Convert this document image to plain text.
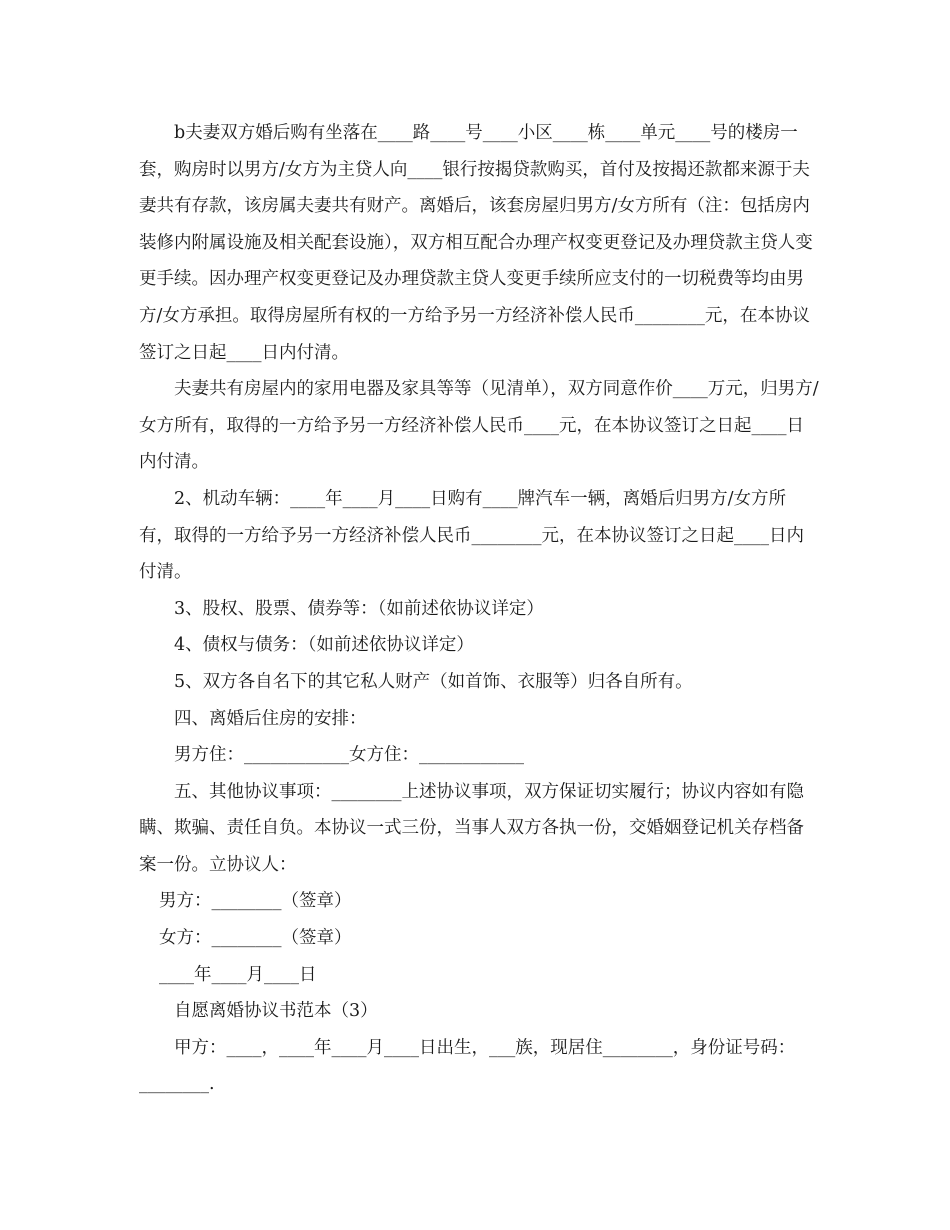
b夫妻双方婚后购有坐落在____路____号____小区____栋____单元____号的楼房一套，购房时以男方/女方为主贷人向____银行按揭贷款购买，首付及按揭还款都来源于夫妻共有存款，该房属夫妻共有财产。离婚后，该套房屋归男方/女方所有（注：包括房内装修内附属设施及相关配套设施），双方相互配合办理产权变更登记及办理贷款主贷人变更手续。因办理产权变更登记及办理贷款主贷人变更手续所应支付的一切税费等均由男方/女方承担。取得房屋所有权的一方给予另一方经济补偿人民币________元，在本协议签订之日起____日内付清。

夫妻共有房屋内的家用电器及家具等等（见清单），双方同意作价____万元，归男方/女方所有，取得的一方给予另一方经济补偿人民币____元，在本协议签订之日起____日内付清。

2、机动车辆：____年____月____日购有____牌汽车一辆，离婚后归男方/女方所有，取得的一方给予另一方经济补偿人民币________元，在本协议签订之日起____日内付清。

3、股权、股票、债券等：（如前述依协议详定）

4、债权与债务：（如前述依协议详定）

5、双方各自名下的其它私人财产（如首饰、衣服等）归各自所有。

四、离婚后住房的安排：

男方住：____________女方住：____________

五、其他协议事项：________上述协议事项，双方保证切实履行；协议内容如有隐瞒、欺骗、责任自负。本协议一式三份，当事人双方各执一份，交婚姻登记机关存档备案一份。立协议人：

男方：________（签章）

女方：________（签章）

____年____月____日

自愿离婚协议书范本（3）

甲方：____，____年____月____日出生，___族，现居住________，身份证号码：________.
